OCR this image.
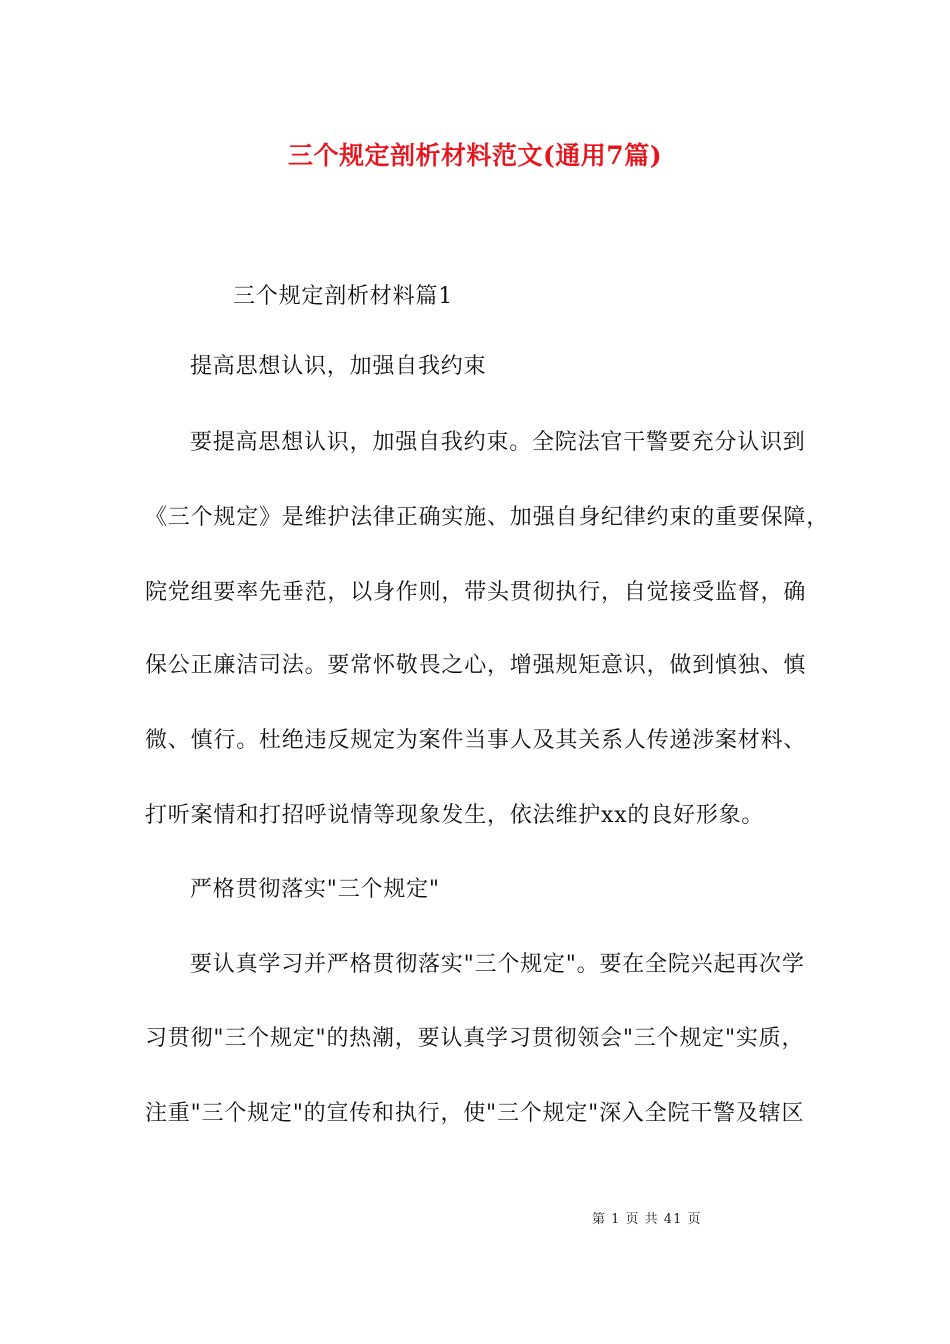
三个规定剖析材料范文(通用7篇)
三个规定剖析材料篇1
提高思想认识，加强自我约束
要提高思想认识，加强自我约束。全院法官干警要充分认识到
《三个规定》是维护法律正确实施、加强自身纪律约束的重要保障，
院党组要率先垂范，以身作则，带头贯彻执行，自觉接受监督，确
保公正廉洁司法。要常怀敬畏之心，增强规矩意识，做到慎独、慎
微、慎行。杜绝违反规定为案件当事人及其关系人传递涉案材料、
打听案情和打招呼说情等现象发生，依法维护xx的良好形象。
严格贯彻落实"三个规定"
要认真学习并严格贯彻落实"三个规定"。要在全院兴起再次学
习贯彻"三个规定"的热潮，要认真学习贯彻领会"三个规定"实质，
注重"三个规定"的宣传和执行，使"三个规定"深入全院干警及辖区
第 1 页 共 41 页
